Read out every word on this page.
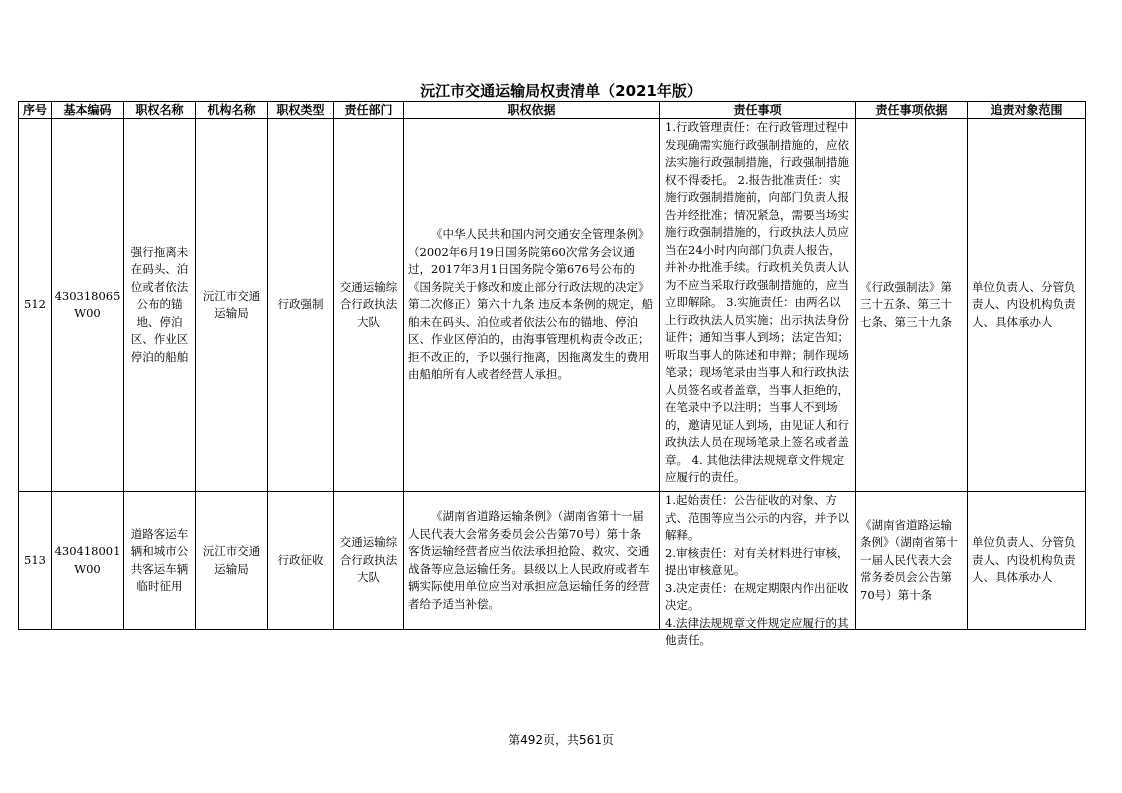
沅江市交通运输局权责清单（2021年版）
序号	基本编码	职权名称	机构名称	职权类型	责任部门	职权依据	责任事项	责任事项依据	追责对象范围
512	430318065W00	强行拖离未在码头、泊位或者依法公布的锚地、停泊区、作业区停泊的船舶	沅江市交通运输局	行政强制	交通运输综合行政执法大队	《中华人民共和国内河交通安全管理条例》（2002年6月19日国务院第60次常务会议通过，2017年3月1日国务院令第676号公布的《国务院关于修改和废止部分行政法规的决定》第二次修正）第六十九条 违反本条例的规定，船舶未在码头、泊位或者依法公布的锚地、停泊区、作业区停泊的，由海事管理机构责令改正；拒不改正的，予以强行拖离，因拖离发生的费用由船舶所有人或者经营人承担。	1.行政管理责任：在行政管理过程中发现确需实施行政强制措施的，应依法实施行政强制措施，行政强制措施权不得委托。 2.报告批准责任：实施行政强制措施前，向部门负责人报告并经批准；情况紧急，需要当场实施行政强制措施的，行政执法人员应当在24小时内向部门负责人报告，并补办批准手续。行政机关负责人认为不应当采取行政强制措施的，应当立即解除。 3.实施责任：由两名以上行政执法人员实施；出示执法身份证件；通知当事人到场；法定告知；听取当事人的陈述和申辩；制作现场笔录；现场笔录由当事人和行政执法人员签名或者盖章，当事人拒绝的，在笔录中予以注明；当事人不到场的，邀请见证人到场，由见证人和行政执法人员在现场笔录上签名或者盖章。 4. 其他法律法规规章文件规定应履行的责任。	《行政强制法》第三十五条、第三十七条、第三十九条	单位负责人、分管负责人、内设机构负责人、具体承办人
513	430418001W00	道路客运车辆和城市公共客运车辆临时征用	沅江市交通运输局	行政征收	交通运输综合行政执法大队	《湖南省道路运输条例》（湖南省第十一届人民代表大会常务委员会公告第70号）第十条 客货运输经营者应当依法承担抢险、救灾、交通战备等应急运输任务。县级以上人民政府或者车辆实际使用单位应当对承担应急运输任务的经营者给予适当补偿。	1.起始责任：公告征收的对象、方式、范围等应当公示的内容，并予以解释。
2.审核责任：对有关材料进行审核，提出审核意见。
3.决定责任：在规定期限内作出征收决定。
4.法律法规规章文件规定应履行的其他责任。	《湖南省道路运输条例》（湖南省第十一届人民代表大会常务委员会公告第70号）第十条	单位负责人、分管负责人、内设机构负责人、具体承办人
第492页，共561页
